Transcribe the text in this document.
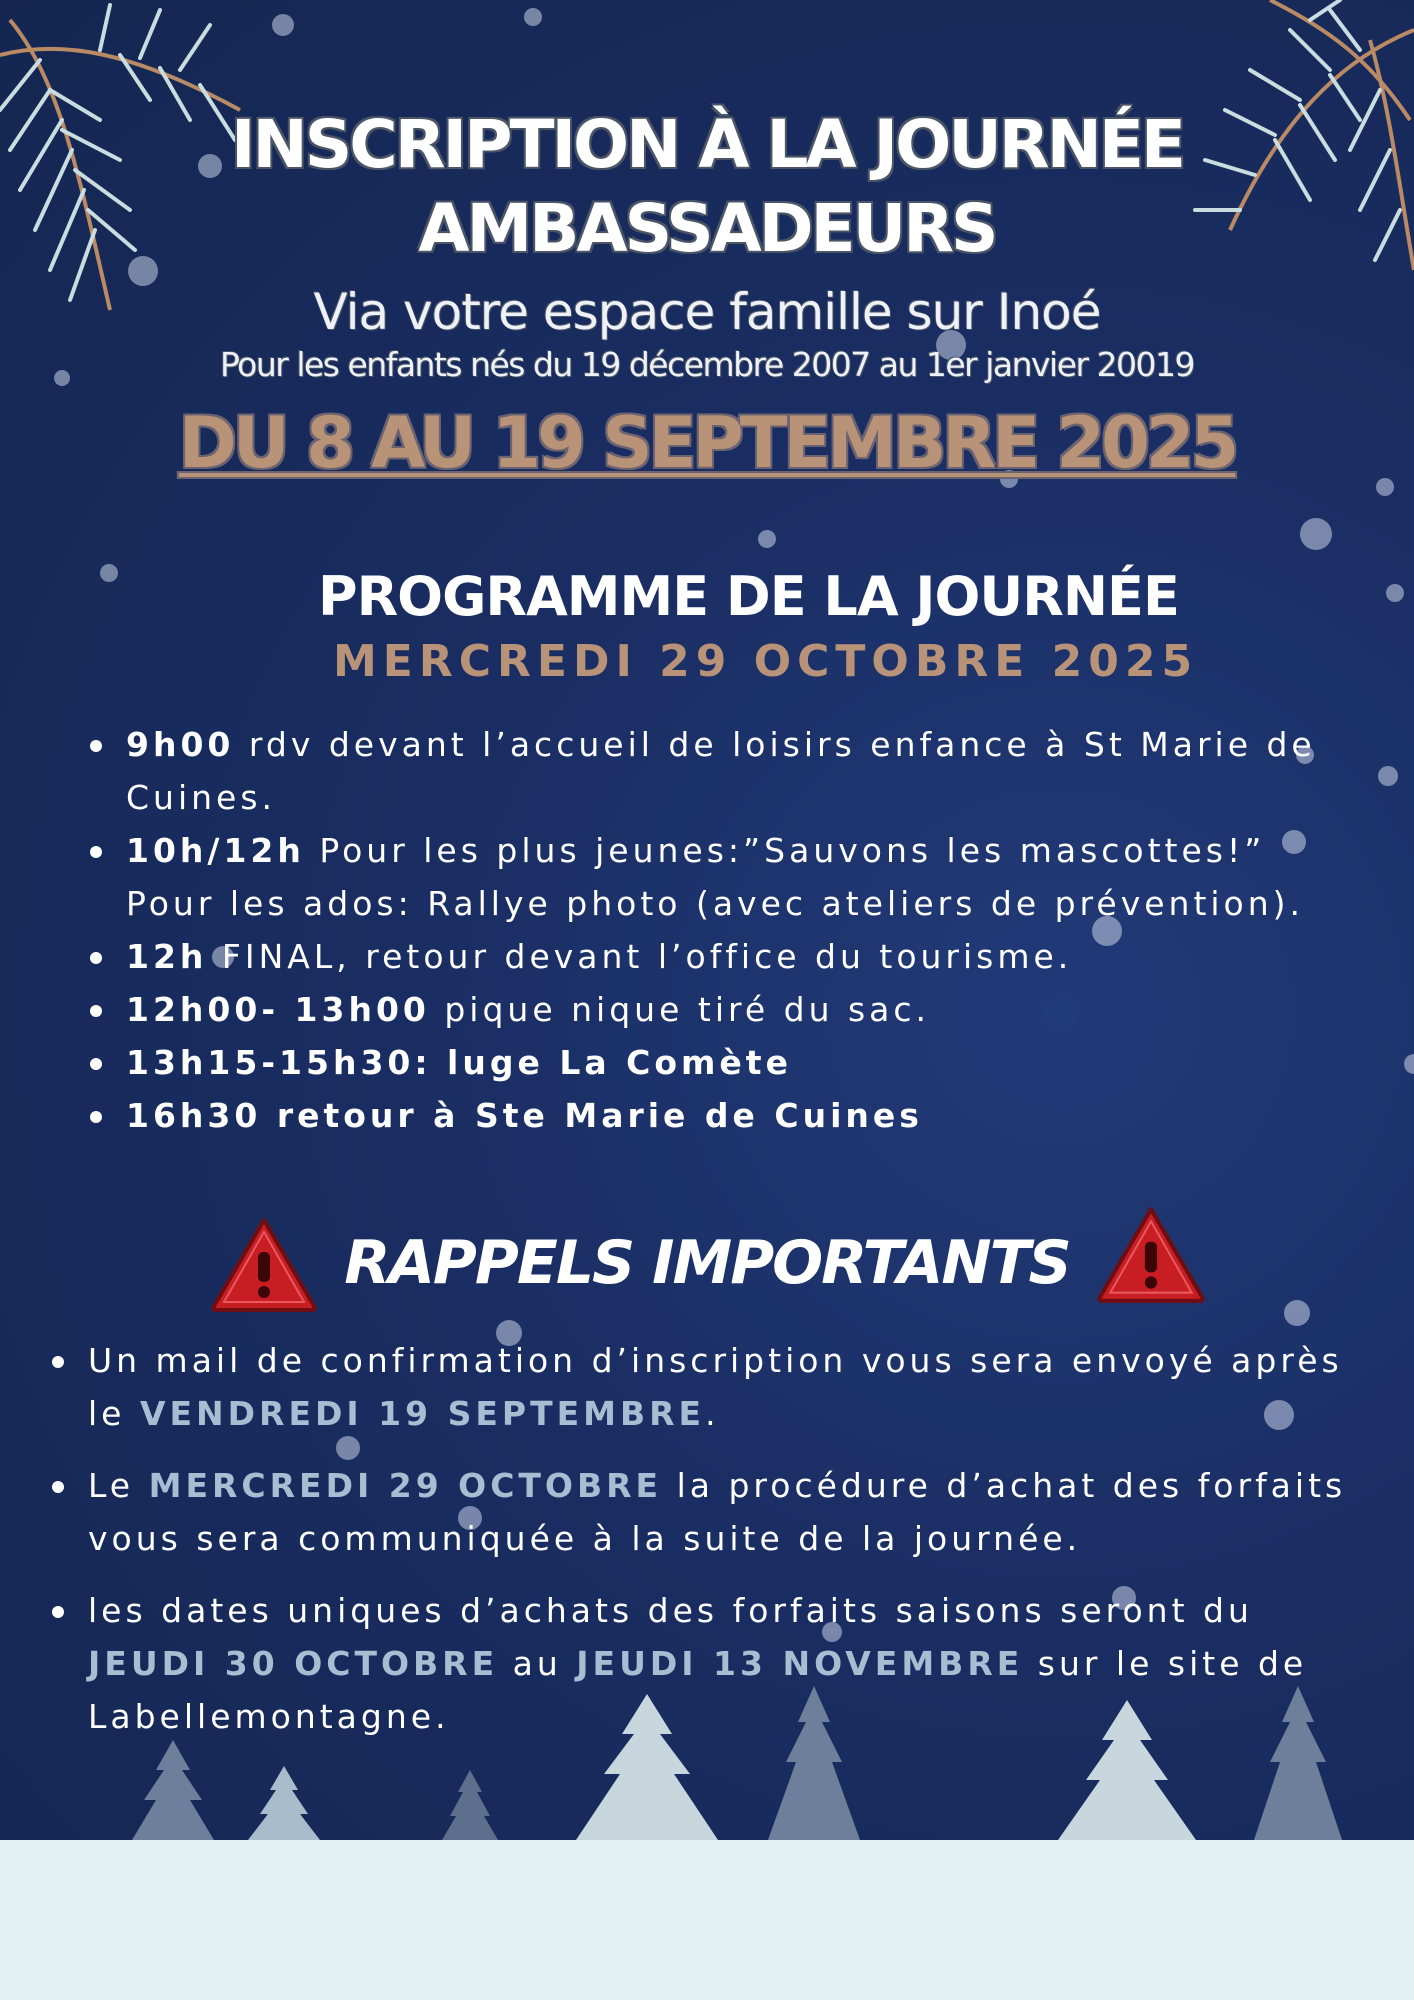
INSCRIPTION À LA JOURNÉE
AMBASSADEURS
Via votre espace famille sur Inoé
Pour les enfants nés du 19 décembre 2007 au 1er janvier 20019
DU 8 AU 19 SEPTEMBRE 2025
PROGRAMME DE LA JOURNÉE
MERCREDI 29 OCTOBRE 2025
9h00 rdv devant l’accueil de loisirs enfance à St Marie de Cuines.
10h/12h Pour les plus jeunes:”Sauvons les mascottes!” Pour les ados: Rallye photo (avec ateliers de prévention).
12h FINAL, retour devant l’office du tourisme.
12h00- 13h00 pique nique tiré du sac.
13h15-15h30: luge La Comète
16h30 retour à Ste Marie de Cuines
RAPPELS IMPORTANTS
Un mail de confirmation d’inscription vous sera envoyé après le VENDREDI 19 SEPTEMBRE.
Le MERCREDI 29 OCTOBRE la procédure d’achat des forfaits vous sera communiquée à la suite de la journée.
les dates uniques d’achats des forfaits saisons seront du JEUDI 30 OCTOBRE au JEUDI 13 NOVEMBRE sur le site de Labellemontagne.
